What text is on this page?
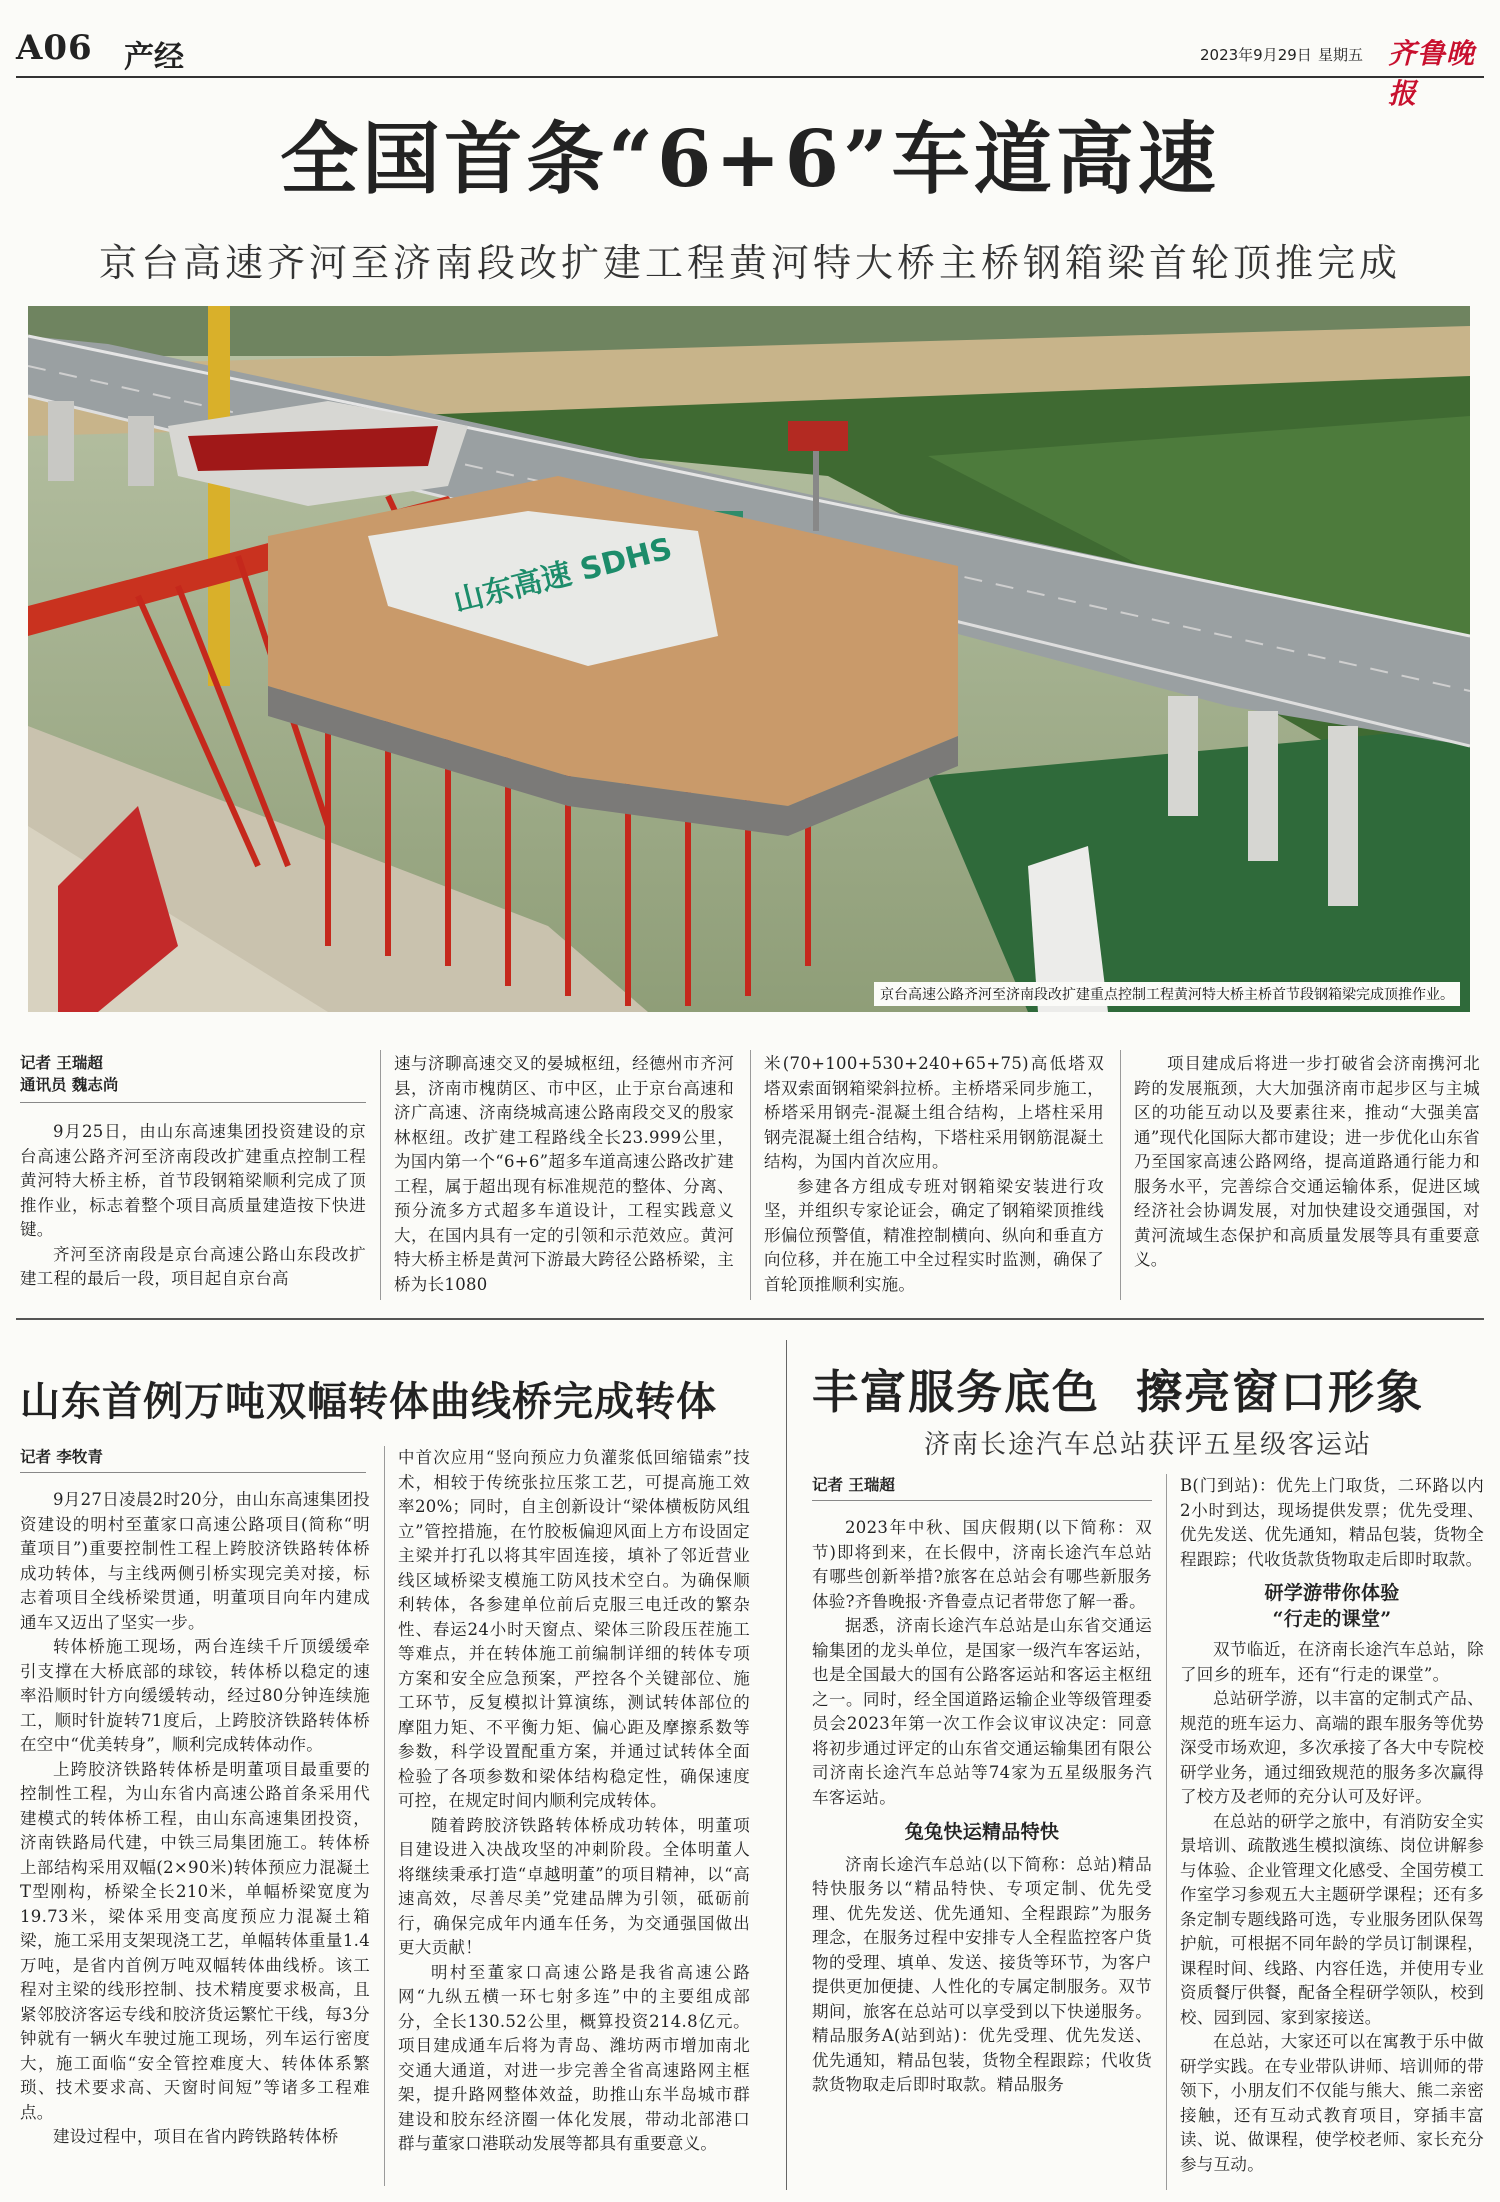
A06 产经	2023年9月29日 星期五 齐鲁晚报
全国首条“6+6”车道高速
京台高速齐河至济南段改扩建工程黄河特大桥主桥钢箱梁首轮顶推完成
山东高速 SDHS
京台高速公路齐河至济南段改扩建重点控制工程黄河特大桥主桥首节段钢箱梁完成顶推作业。
记者 王瑞超
通讯员 魏志尚

9月25日，由山东高速集团投资建设的京台高速公路齐河至济南段改扩建重点控制工程黄河特大桥主桥，首节段钢箱梁顺利完成了顶推作业，标志着整个项目高质量建造按下快进键。

齐河至济南段是京台高速公路山东段改扩建工程的最后一段，项目起自京台高

速与济聊高速交叉的晏城枢纽，经德州市齐河县，济南市槐荫区、市中区，止于京台高速和济广高速、济南绕城高速公路南段交叉的殷家林枢纽。改扩建工程路线全长23.999公里，为国内第一个“6+6”超多车道高速公路改扩建工程，属于超出现有标准规范的整体、分离、预分流多方式超多车道设计，工程实践意义大，在国内具有一定的引领和示范效应。黄河特大桥主桥是黄河下游最大跨径公路桥梁，主桥为长1080

米(70+100+530+240+65+75)高低塔双塔双索面钢箱梁斜拉桥。主桥塔采同步施工，桥塔采用钢壳-混凝土组合结构，上塔柱采用钢壳混凝土组合结构，下塔柱采用钢筋混凝土结构，为国内首次应用。

参建各方组成专班对钢箱梁安装进行攻坚，并组织专家论证会，确定了钢箱梁顶推线形偏位预警值，精准控制横向、纵向和垂直方向位移，并在施工中全过程实时监测，确保了首轮顶推顺利实施。

项目建成后将进一步打破省会济南携河北跨的发展瓶颈，大大加强济南市起步区与主城区的功能互动以及要素往来，推动“大强美富通”现代化国际大都市建设；进一步优化山东省乃至国家高速公路网络，提高道路通行能力和服务水平，完善综合交通运输体系，促进区域经济社会协调发展，对加快建设交通强国，对黄河流域生态保护和高质量发展等具有重要意义。

山东首例万吨双幅转体曲线桥完成转体
记者 李牧青

9月27日凌晨2时20分，由山东高速集团投资建设的明村至董家口高速公路项目(简称“明董项目”)重要控制性工程上跨胶济铁路转体桥成功转体，与主线两侧引桥实现完美对接，标志着项目全线桥梁贯通，明董项目向年内建成通车又迈出了坚实一步。

转体桥施工现场，两台连续千斤顶缓缓牵引支撑在大桥底部的球铰，转体桥以稳定的速率沿顺时针方向缓缓转动，经过80分钟连续施工，顺时针旋转71度后，上跨胶济铁路转体桥在空中“优美转身”，顺利完成转体动作。

上跨胶济铁路转体桥是明董项目最重要的控制性工程，为山东省内高速公路首条采用代建模式的转体桥工程，由山东高速集团投资，济南铁路局代建，中铁三局集团施工。转体桥上部结构采用双幅(2×90米)转体预应力混凝土T型刚构，桥梁全长210米，单幅桥梁宽度为19.73米，梁体采用变高度预应力混凝土箱梁，施工采用支架现浇工艺，单幅转体重量1.4万吨，是省内首例万吨双幅转体曲线桥。该工程对主梁的线形控制、技术精度要求极高，且紧邻胶济客运专线和胶济货运繁忙干线，每3分钟就有一辆火车驶过施工现场，列车运行密度大，施工面临“安全管控难度大、转体体系繁琐、技术要求高、天窗时间短”等诸多工程难点。

建设过程中，项目在省内跨铁路转体桥

中首次应用“竖向预应力负灌浆低回缩锚索”技术，相较于传统张拉压浆工艺，可提高施工效率20%；同时，自主创新设计“梁体横板防风组立”管控措施，在竹胶板偏迎风面上方布设固定主梁并打孔以将其牢固连接，填补了邻近营业线区域桥梁支模施工防风技术空白。为确保顺利转体，各参建单位前后克服三电迁改的繁杂性、春运24小时天窗点、梁体三阶段压茬施工等难点，并在转体施工前编制详细的转体专项方案和安全应急预案，严控各个关键部位、施工环节，反复模拟计算演练，测试转体部位的摩阻力矩、不平衡力矩、偏心距及摩擦系数等参数，科学设置配重方案，并通过试转体全面检验了各项参数和梁体结构稳定性，确保速度可控，在规定时间内顺利完成转体。

随着跨胶济铁路转体桥成功转体，明董项目建设进入决战攻坚的冲刺阶段。全体明董人将继续秉承打造“卓越明董”的项目精神，以“高速高效，尽善尽美”党建品牌为引领，砥砺前行，确保完成年内通车任务，为交通强国做出更大贡献！

明村至董家口高速公路是我省高速公路网“九纵五横一环七射多连”中的主要组成部分，全长130.52公里，概算投资214.8亿元。项目建成通车后将为青岛、潍坊两市增加南北交通大通道，对进一步完善全省高速路网主框架，提升路网整体效益，助推山东半岛城市群建设和胶东经济圈一体化发展，带动北部港口群与董家口港联动发展等都具有重要意义。

丰富服务底色  擦亮窗口形象
济南长途汽车总站获评五星级客运站
记者 王瑞超

2023年中秋、国庆假期(以下简称：双节)即将到来，在长假中，济南长途汽车总站有哪些创新举措?旅客在总站会有哪些新服务体验?齐鲁晚报·齐鲁壹点记者带您了解一番。

据悉，济南长途汽车总站是山东省交通运输集团的龙头单位，是国家一级汽车客运站，也是全国最大的国有公路客运站和客运主枢纽之一。同时，经全国道路运输企业等级管理委员会2023年第一次工作会议审议决定：同意将初步通过评定的山东省交通运输集团有限公司济南长途汽车总站等74家为五星级服务汽车客运站。

兔兔快运精品特快

济南长途汽车总站(以下简称：总站)精品特快服务以“精品特快、专项定制、优先受理、优先发送、优先通知、全程跟踪”为服务理念，在服务过程中安排专人全程监控客户货物的受理、填单、发送、接货等环节，为客户提供更加便捷、人性化的专属定制服务。双节期间，旅客在总站可以享受到以下快递服务。精品服务A(站到站)：优先受理、优先发送、优先通知，精品包装，货物全程跟踪；代收货款货物取走后即时取款。精品服务

B(门到站)：优先上门取货，二环路以内2小时到达，现场提供发票；优先受理、优先发送、优先通知，精品包装，货物全程跟踪；代收货款货物取走后即时取款。

研学游带你体验
“行走的课堂”

双节临近，在济南长途汽车总站，除了回乡的班车，还有“行走的课堂”。

总站研学游，以丰富的定制式产品、规范的班车运力、高端的跟车服务等优势深受市场欢迎，多次承接了各大中专院校研学业务，通过细致规范的服务多次赢得了校方及老师的充分认可及好评。

在总站的研学之旅中，有消防安全实景培训、疏散逃生模拟演练、岗位讲解参与体验、企业管理文化感受、全国劳模工作室学习参观五大主题研学课程；还有多条定制专题线路可选，专业服务团队保驾护航，可根据不同年龄的学员订制课程，课程时间、线路、内容任选，并使用专业资质餐厅供餐，配备全程研学领队，校到校、园到园、家到家接送。

在总站，大家还可以在寓教于乐中做研学实践。在专业带队讲师、培训师的带领下，小朋友们不仅能与熊大、熊二亲密接触，还有互动式教育项目，穿插丰富读、说、做课程，使学校老师、家长充分参与互动。
